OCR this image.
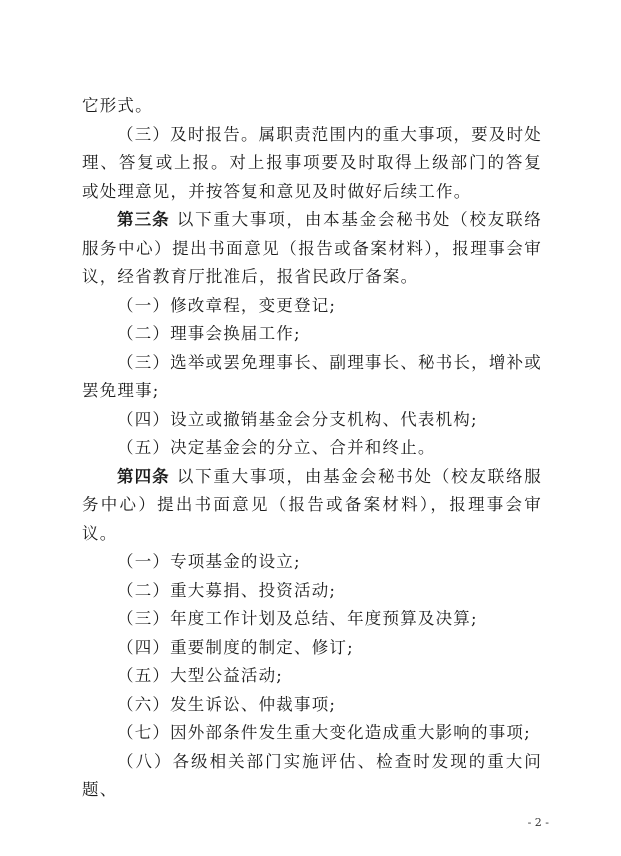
它形式。

（三）及时报告。属职责范围内的重大事项，要及时处理、答复或上报。对上报事项要及时取得上级部门的答复或处理意见，并按答复和意见及时做好后续工作。

第三条 以下重大事项，由本基金会秘书处（校友联络服务中心）提出书面意见（报告或备案材料），报理事会审议，经省教育厅批准后，报省民政厅备案。

（一）修改章程，变更登记;

（二）理事会换届工作;

（三）选举或罢免理事长、副理事长、秘书长，增补或罢免理事;

（四）设立或撤销基金会分支机构、代表机构;

（五）决定基金会的分立、合并和终止。

第四条 以下重大事项，由基金会秘书处（校友联络服务中心）提出书面意见（报告或备案材料），报理事会审议。

（一）专项基金的设立;

（二）重大募捐、投资活动;

（三）年度工作计划及总结、年度预算及决算;

（四）重要制度的制定、修订;

（五）大型公益活动;

（六）发生诉讼、仲裁事项;

（七）因外部条件发生重大变化造成重大影响的事项;

（八）各级相关部门实施评估、检查时发现的重大问 题、

- 2 -
